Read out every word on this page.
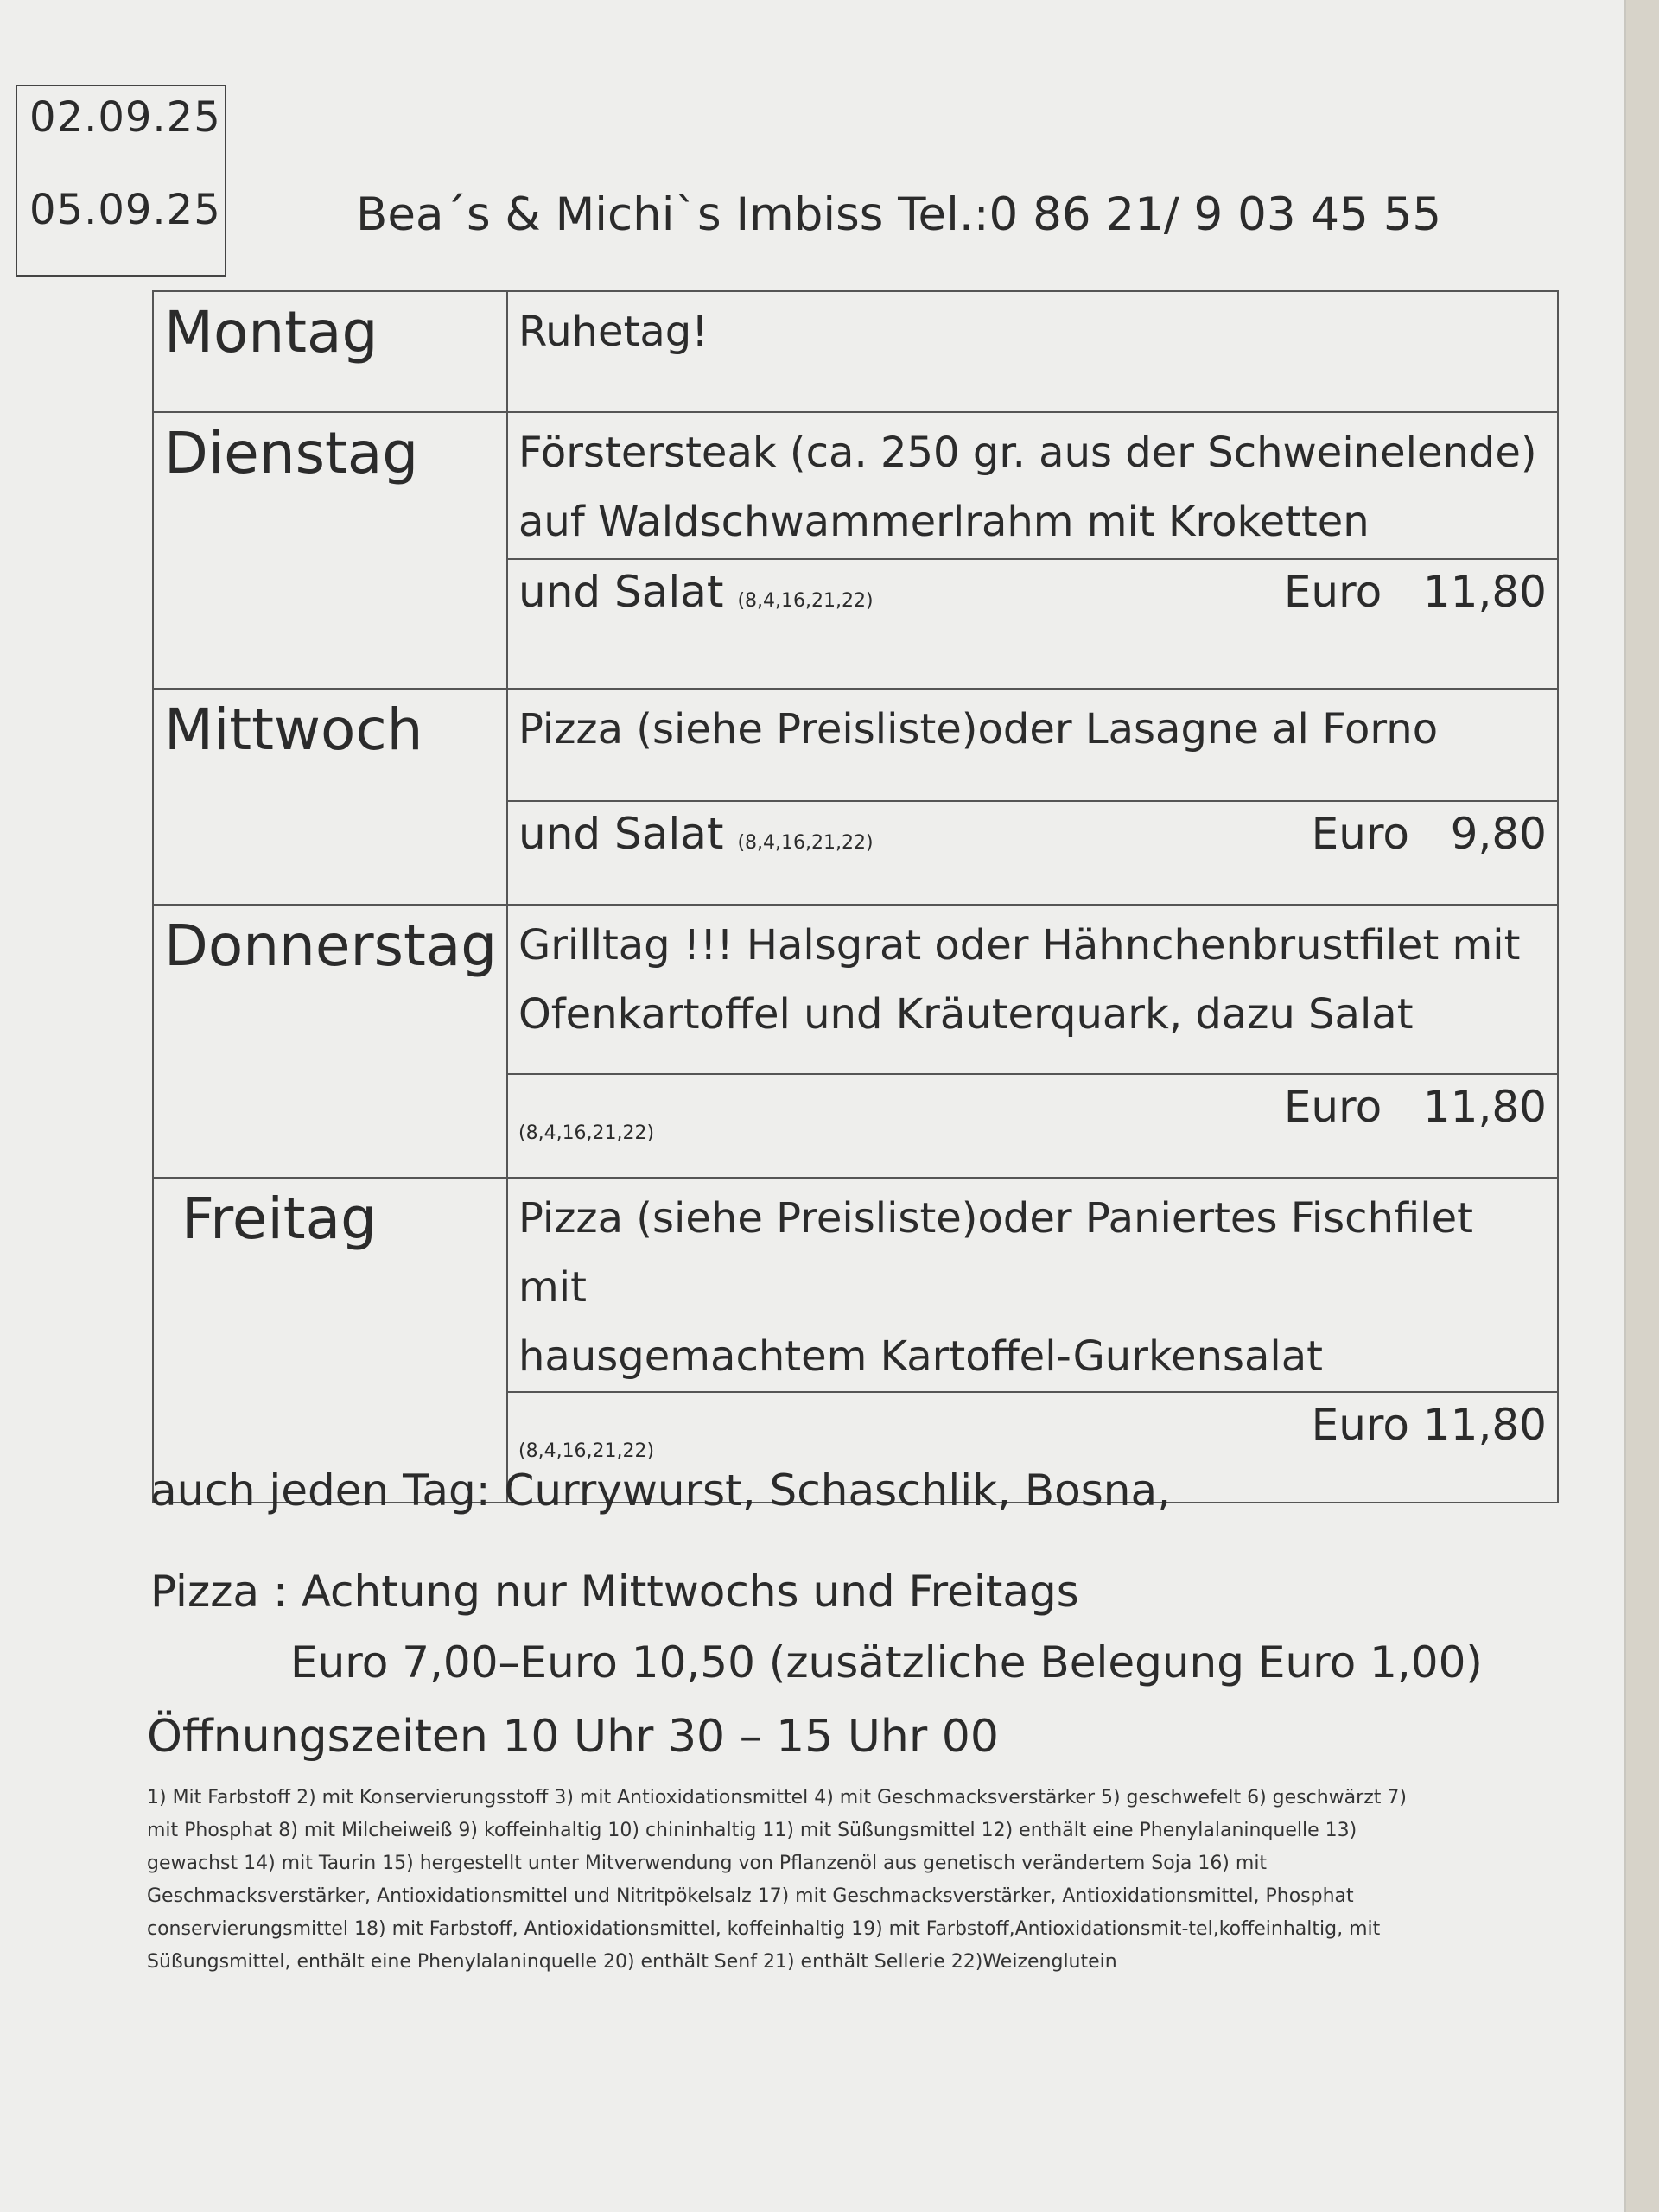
02.09.25
05.09.25	Bea´s & Michi`s Imbiss Tel.:0 86 21/ 9 03 45 55
Montag	Ruhetag!

Dienstag	Förstersteak (ca. 250 gr. aus der Schweinelende)
auf Waldschwammerlrahm mit Kroketten

	und Salat (8,4,16,21,22) Euro   11,80

Mittwoch	Pizza (siehe Preisliste)oder Lasagne al Forno

	und Salat (8,4,16,21,22) Euro   9,80

Donnerstag	Grilltag !!! Halsgrat oder Hähnchenbrustfilet mit
Ofenkartoffel und Kräuterquark, dazu Salat

	(8,4,16,21,22)
Euro   11,80

Freitag	Pizza (siehe Preisliste)oder Paniertes Fischfilet mit
hausgemachtem Kartoffel-Gurkensalat

	(8,4,16,21,22)
Euro 11,80
auch jeden Tag: Currywurst, Schaschlik, Bosna,
Pizza : Achtung nur Mittwochs und Freitags
Euro 7,00–Euro 10,50 (zusätzliche Belegung Euro 1,00)
Öffnungszeiten 10 Uhr 30 – 15 Uhr 00
1) Mit Farbstoff 2) mit Konservierungsstoff 3) mit Antioxidationsmittel 4) mit Geschmacksverstärker 5) geschwefelt 6) geschwärzt 7) mit Phosphat 8) mit Milcheiweiß 9) koffeinhaltig 10) chininhaltig 11) mit Süßungsmittel 12) enthält eine Phenylalaninquelle 13) gewachst 14) mit Taurin 15) hergestellt unter Mitverwendung von Pflanzenöl aus genetisch verändertem Soja 16) mit Geschmacksverstärker, Antioxidationsmittel und Nitritpökelsalz 17) mit Geschmacksverstärker, Antioxidationsmittel, Phosphat conservierungsmittel 18) mit Farbstoff, Antioxidationsmittel, koffeinhaltig 19) mit Farbstoff,Antioxidationsmit-tel,koffeinhaltig, mit Süßungsmittel, enthält eine Phenylalaninquelle 20) enthält Senf 21) enthält Sellerie 22)Weizenglutein
